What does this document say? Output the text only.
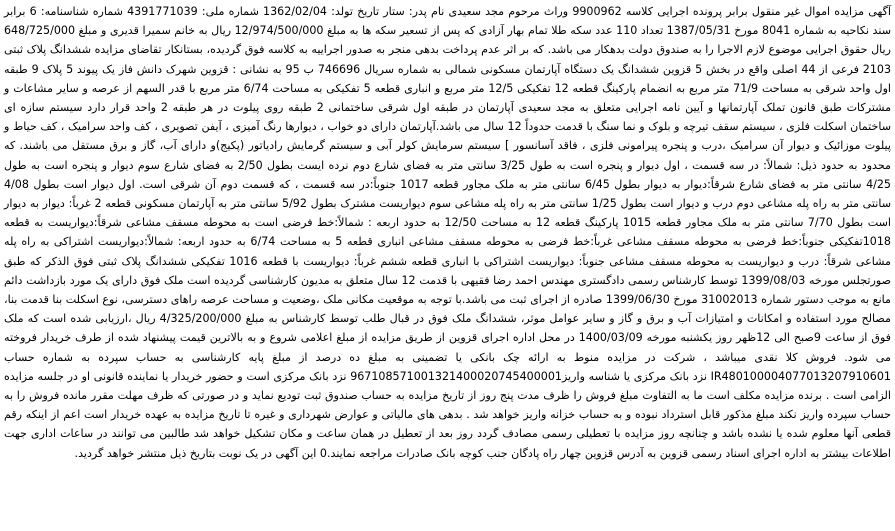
آگهی مزایده اموال غیر منقول برابر پرونده اجرایی کلاسه 9900962 وراث مرحوم مجد سعیدی نام پدر: ستار تاریخ تولد: 1362/02/04 شماره ملی: 4391771039 شماره شناسنامه: 6 برابر سند نکاحیه به شماره 8041 مورخ 1387/05/31 تعداد 110 عدد سکه طلا تمام بهار آزادی که پس از تسعیر سکه ها به مبلغ 12/974/500/000 ریال به خانم سمیرا قدیری و مبلغ 648/725/000 ریال حقوق اجرایی موضوع لازم الاجرا را به صندوق دولت بدهکار می باشد. که بر اثر عدم پرداخت بدهی منجر به صدور اجراییه به کلاسه فوق گردیده، بستانکار تقاضای مزایده ششدانگ پلاک ثبتی 2103 فرعی از 44 اصلی واقع در بخش 5 قزوین ششدانگ یک دستگاه آپارتمان مسکونی شمالی به شماره سریال 746696 ب 95 به نشانی : قزوین شهرک دانش فاز یک پیوند 5 پلاک 9 طبقه اول واحد شرقی به مساحت 71/9 متر مربع به انضمام پارکینگ قطعه 12 تفکیکی 12/5 متر مربع و انباری قطعه 5 تفکیکی به مساحت 6/74 متر مربع با قدر السهم از عرصه و سایر مشاعات و مشترکات طبق قانون تملک آپارتمانها و آیین نامه اجرایی متعلق به مجد سعیدی آپارتمان در طبقه اول شرقی ساختمانی 2 طبقه روی پیلوت در هر طبقه 2 واحد قرار دارد سیستم سازه ای ساختمان اسکلت فلزی ، سیستم سقف تیرچه و بلوک و نما سنگ با قدمت حدوداً 12 سال می باشد.آپارتمان دارای دو خواب ، دیوارها رنگ آمیزی ، آیفن تصویری ، کف واحد سرامیک ، کف حیاط و پیلوت موزائیک و دیوار آن سرامیک ،درب و پنجره پیرامونی فلزی ، فاقد آسانسور ] سیستم سرمایش کولر آبی و سیستم گرمایش رادیاتور (پکیج)و دارای آب، گاز و برق مستقل می باشند. که محدود به حدود ذیل: شمالاً: در سه قسمت ، اول دیوار و پنجره است به طول 3/25 سانتی متر به فضای شارع دوم نرده ایست بطول 2/50 به فضای شارع سوم دیوار و پنجره است به طول 4/25 سانتی متر به فضای شارع شرقاً:دیوار به دیوار بطول 6/45 سانتی متر به ملک مجاور قطعه 1017 جنوباً:در سه قسمت ، که قسمت دوم آن شرقی است. اول دیوار است بطول 4/08 سانتی متر به راه پله مشاعی دوم درب و دیوار است بطول 1/25 سانتی متر به راه پله مشاعی سوم دیواریست مشترک بطول 5/92 سانتی متر به آپارتمان مسکونی قطعه 2 غرباً: دیوار به دیوار است بطول 7/70 سانتی متر به ملک مجاور قطعه 1015 پارکینگ قطعه 12 به مساحت 12/50 به حدود اربعه : شمالاً:خط فرضی است به محوطه مسقف مشاعی شرقاً:دیواریست به قطعه 1018تفکیکی جنوباً:خط فرضی به محوطه مسقف مشاعی غرباً:خط فرضی به محوطه مسقف مشاعی انباری قطعه 5 به مساحت 6/74 به حدود اربعه: شمالاً:دیواریست اشتراکی به راه پله مشاعی شرقاً: درب و دیواریست به محوطه مسقف مشاعی جنوباً: دیواریست اشتراکی با انباری قطعه ششم غرباً: دیواریست با قطعه 1016 تفکیکی ششدانگ پلاک ثبتی فوق الذکر که طبق صورتجلس مورخه 1399/08/03 توسط کارشناس رسمی دادگستری مهندس احمد رضا فقیهی با قدمت 12 سال متعلق به مدیون کارشناسی گردیده است ملک فوق دارای یک مورد بازداشت دائم مانع به موجب دستور شماره 31002013 مورخ 1399/06/30 صادره از اجرای ثبت می باشد.با توجه به موقعیت مکانی ملک ،وضعیت و مساحت عرصه راهای دسترسی، نوع اسکلت بنا قدمت بنا، مصالح مورد استفاده و امکانات و امتیازات آب و برق و گاز و سایر عوامل موثر، ششدانگ ملک فوق در قبال طلب توسط کارشناس به مبلغ 4/325/200/000 ریال ،ارزیابی شده است که ملک فوق از ساعت 9صبح الی 12ظهر روز یکشنبه مورخه 1400/03/09 در محل اداره اجرای قزوین از طریق مزایده از مبلغ اعلامی شروع و به بالاترین قیمت پیشنهاد شده از طرف خریدار فروخته می شود. فروش کلا نقدی میباشد ، شرکت در مزایده منوط به ارائه چک بانکی یا تضمینی به مبلغ ده درصد از مبلغ پایه کارشناسی به حساب سپرده به شماره حساب IR480100004077013207910601 نزد بانک مرکزی یا شناسه واریز967108571001321400020745400001 نزد بانک مرکزی است و حضور خریدار یا نماینده قانونی او در جلسه مزایده الزامی است . برنده مزایده مکلف است ما به التفاوت مبلغ فروش را ظرف مدت پنج روز از تاریخ مزایده به حساب صندوق ثبت تودیع نماید و در صورتی که ظرف مهلت مقرر مانده فروش را به حساب سپرده واریز نکند مبلغ مذکور قابل استرداد نبوده و به حساب خزانه واریز خواهد شد . بدهی های مالیاتی و عوارض شهرداری و غیره تا تاریخ مزایده به عهده خریدار است اعم از اینکه رقم قطعی آنها معلوم شده یا نشده باشد و چنانچه روز مزایده با تعطیلی رسمی مصادف گردد روز بعد از تعطیل در همان ساعت و مکان تشکیل خواهد شد طالبین می توانند در ساعات اداری جهت اطلاعات بیشتر به اداره اجرای اسناد رسمی قزوین به آدرس قزوین چهار راه پادگان جنب کوچه بانک صادرات مراجعه نمایند.0 این آگهی در یک نوبت بتاریخ ذیل منتشر خواهد گردید.
